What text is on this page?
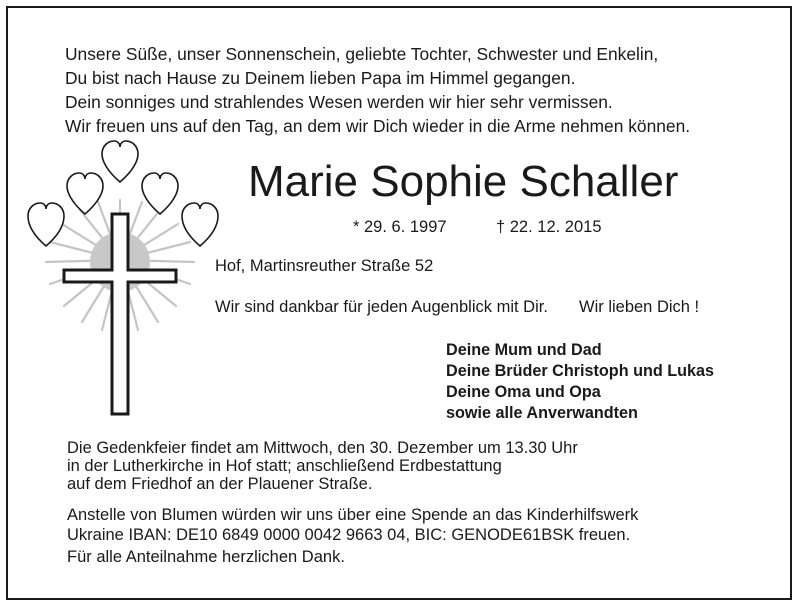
Unsere Süße, unser Sonnenschein, geliebte Tochter, Schwester und Enkelin,
Du bist nach Hause zu Deinem lieben Papa im Himmel gegangen.
Dein sonniges und strahlendes Wesen werden wir hier sehr vermissen.
Wir freuen uns auf den Tag, an dem wir Dich wieder in die Arme nehmen können.
Marie Sophie Schaller
* 29. 6. 1997	† 22. 12. 2015
Hof, Martinsreuther Straße 52
Wir sind dankbar für jeden Augenblick mit Dir. Wir lieben Dich !
Deine Mum und Dad
Deine Brüder Christoph und Lukas
Deine Oma und Opa
sowie alle Anverwandten
Die Gedenkfeier findet am Mittwoch, den 30. Dezember um 13.30 Uhr
in der Lutherkirche in Hof statt; anschließend Erdbestattung
auf dem Friedhof an der Plauener Straße.
Anstelle von Blumen würden wir uns über eine Spende an das Kinderhilfswerk
Ukraine IBAN: DE10 6849 0000 0042 9663 04, BIC: GENODE61BSK freuen.
Für alle Anteilnahme herzlichen Dank.
